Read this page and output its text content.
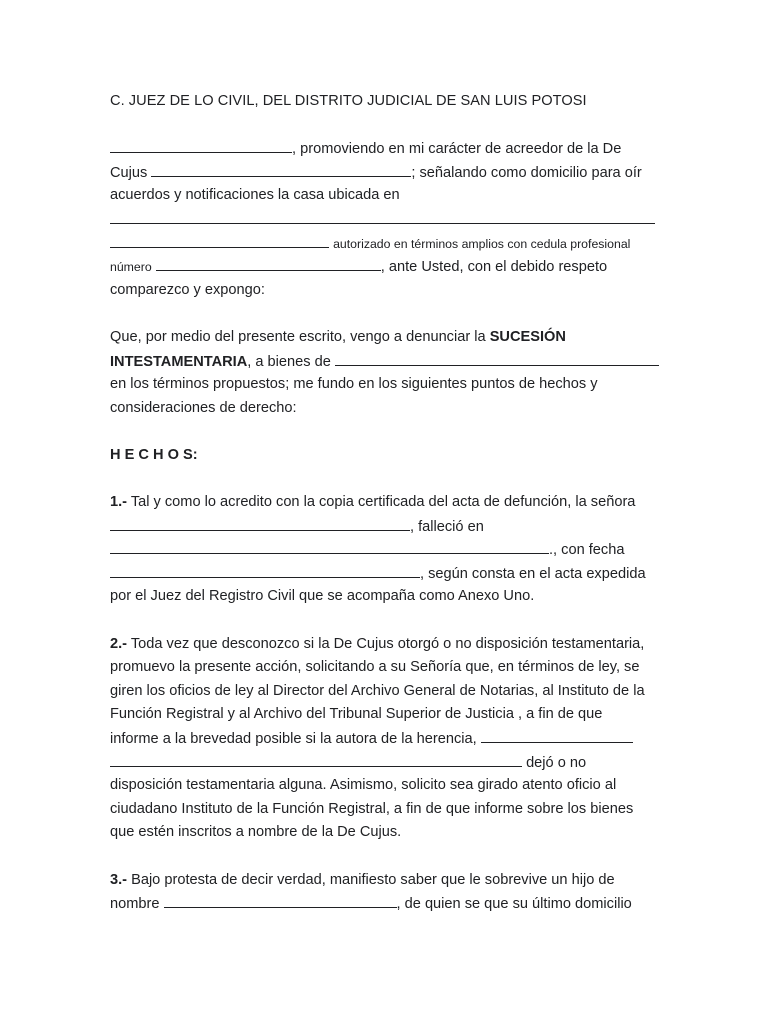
C. JUEZ DE LO CIVIL, DEL DISTRITO JUDICIAL DE SAN LUIS POTOSI
, promoviendo en mi carácter de acreedor de la De
Cujus	; señalando como domicilio para oír
acuerdos y notificaciones la casa ubicada en
autorizado en términos amplios con cedula profesional
número	, ante Usted, con el debido respeto
comparezco y expongo:
Que, por medio del presente escrito, vengo a denunciar la SUCESIÓN
INTESTAMENTARIA, a bienes de
en los términos propuestos; me fundo en los siguientes puntos de hechos y
consideraciones de derecho:
H E C H O S:
1.- Tal y como lo acredito con la copia certificada del acta de defunción, la señora
, falleció en
., con fecha
, según consta en el acta expedida
por el Juez del Registro Civil que se acompaña como Anexo Uno.
2.- Toda vez que desconozco si la De Cujus otorgó o no disposición testamentaria,
promuevo la presente acción, solicitando a su Señoría que, en términos de ley, se
giren los oficios de ley al Director del Archivo General de Notarias, al Instituto de la
Función Registral y al Archivo del Tribunal Superior de Justicia , a fin de que
informe a la brevedad posible si la autora de la herencia,
dejó o no
disposición testamentaria alguna. Asimismo, solicito sea girado atento oficio al
ciudadano Instituto de la Función Registral, a fin de que informe sobre los bienes
que estén inscritos a nombre de la De Cujus.
3.- Bajo protesta de decir verdad, manifiesto saber que le sobrevive un hijo de
nombre	, de quien se que su último domicilio
